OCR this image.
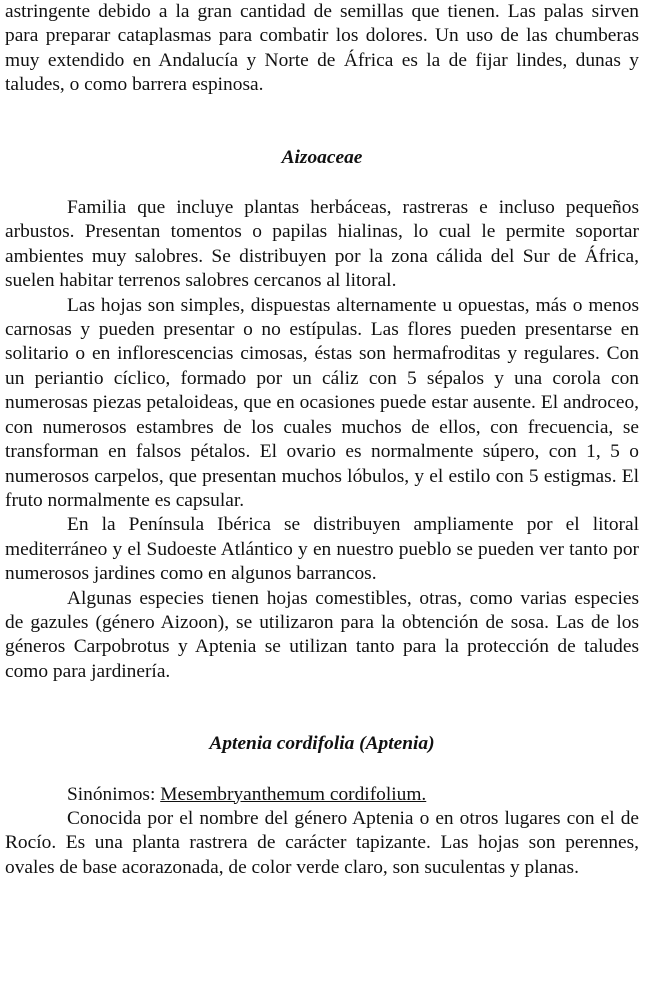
astringente debido a la gran cantidad de semillas que tienen. Las palas sirven para preparar cataplasmas para combatir los dolores. Un uso de las chumberas muy extendido en Andalucía y Norte de África es la de fijar lindes, dunas y taludes, o como barrera espinosa.

Aizoaceae

Familia que incluye plantas herbáceas, rastreras e incluso pequeños arbustos. Presentan tomentos o papilas hialinas, lo cual le permite soportar ambientes muy salobres. Se distribuyen por la zona cálida del Sur de África, suelen habitar terrenos salobres cercanos al litoral.

Las hojas son simples, dispuestas alternamente u opuestas, más o menos carnosas y pueden presentar o no estípulas. Las flores pueden presentarse en solitario o en inflorescencias cimosas, éstas son hermafroditas y regulares. Con un periantio cíclico, formado por un cáliz con 5 sépalos y una corola con numerosas piezas petaloideas, que en ocasiones puede estar ausente. El androceo, con numerosos estambres de los cuales muchos de ellos, con frecuencia, se transforman en falsos pétalos. El ovario es normalmente súpero, con 1, 5 o numerosos carpelos, que presentan muchos lóbulos, y el estilo con 5 estigmas. El fruto normalmente es capsular.

En la Península Ibérica se distribuyen ampliamente por el litoral mediterráneo y el Sudoeste Atlántico y en nuestro pueblo se pueden ver tanto por numerosos jardines como en algunos barrancos.

Algunas especies tienen hojas comestibles, otras, como varias especies de gazules (género Aizoon), se utilizaron para la obtención de sosa. Las de los géneros Carpobrotus y Aptenia se utilizan tanto para la protección de taludes como para jardinería.

Aptenia cordifolia (Aptenia)

Sinónimos: Mesembryanthemum cordifolium.

Conocida por el nombre del género Aptenia o en otros lugares con el de Rocío. Es una planta rastrera de carácter tapizante. Las hojas son perennes, ovales de base acorazonada, de color verde claro, son suculentas y planas.
